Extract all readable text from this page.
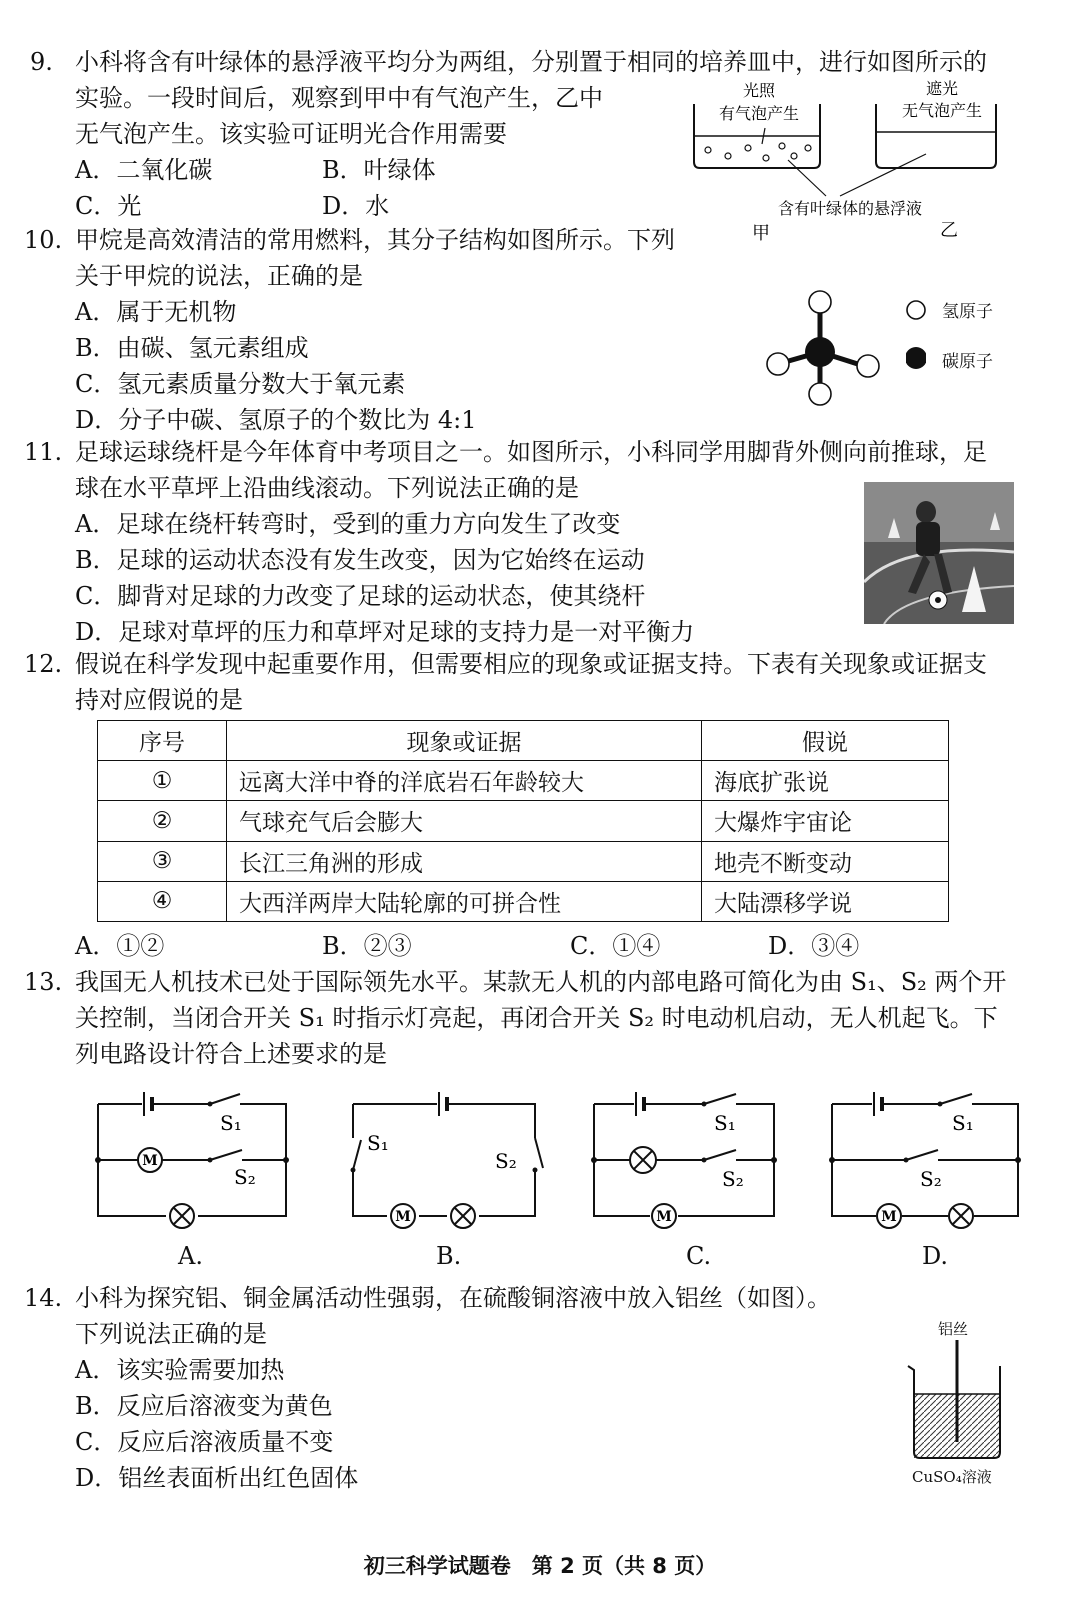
9. 小科将含有叶绿体的悬浮液平均分为两组，分别置于相同的培养皿中，进行如图所示的
实验。一段时间后，观察到甲中有气泡产生，乙中
无气泡产生。该实验可证明光合作用需要
A．二氧化碳	B．叶绿体
C．光	D．水
光照
有气泡产生
遮光
无气泡产生
含有叶绿体的悬浮液
甲	乙
10. 甲烷是高效清洁的常用燃料，其分子结构如图所示。下列
关于甲烷的说法，正确的是
A．属于无机物
B．由碳、氢元素组成
C．氢元素质量分数大于氧元素
D．分子中碳、氢原子的个数比为 4:1
氢原子
碳原子
11. 足球运球绕杆是今年体育中考项目之一。如图所示，小科同学用脚背外侧向前推球，足
球在水平草坪上沿曲线滚动。下列说法正确的是
A．足球在绕杆转弯时，受到的重力方向发生了改变
B．足球的运动状态没有发生改变，因为它始终在运动
C．脚背对足球的力改变了足球的运动状态，使其绕杆
D．足球对草坪的压力和草坪对足球的支持力是一对平衡力
12. 假说在科学发现中起重要作用，但需要相应的现象或证据支持。下表有关现象或证据支
持对应假说的是
序号	现象或证据	假说
①	远离大洋中脊的洋底岩石年龄较大	海底扩张说
②	气球充气后会膨大	大爆炸宇宙论
③	长江三角洲的形成	地壳不断变动
④	大西洋两岸大陆轮廓的可拼合性	大陆漂移学说
A．①②	B．②③	C．①④	D．③④
13. 我国无人机技术已处于国际领先水平。某款无人机的内部电路可简化为由 S₁、S₂ 两个开
关控制，当闭合开关 S₁ 时指示灯亮起，再闭合开关 S₂ 时电动机启动，无人机起飞。下
列电路设计符合上述要求的是
M
S₁
S₂
M
S₁
S₂
M
S₁
S₂
M
S₁
S₂
A.	B.	C.	D.
14. 小科为探究铝、铜金属活动性强弱，在硫酸铜溶液中放入铝丝（如图）。
下列说法正确的是
A．该实验需要加热
B．反应后溶液变为黄色
C．反应后溶液质量不变
D．铝丝表面析出红色固体
铝丝
CuSO₄溶液
初三科学试题卷　第 2 页（共 8 页）
